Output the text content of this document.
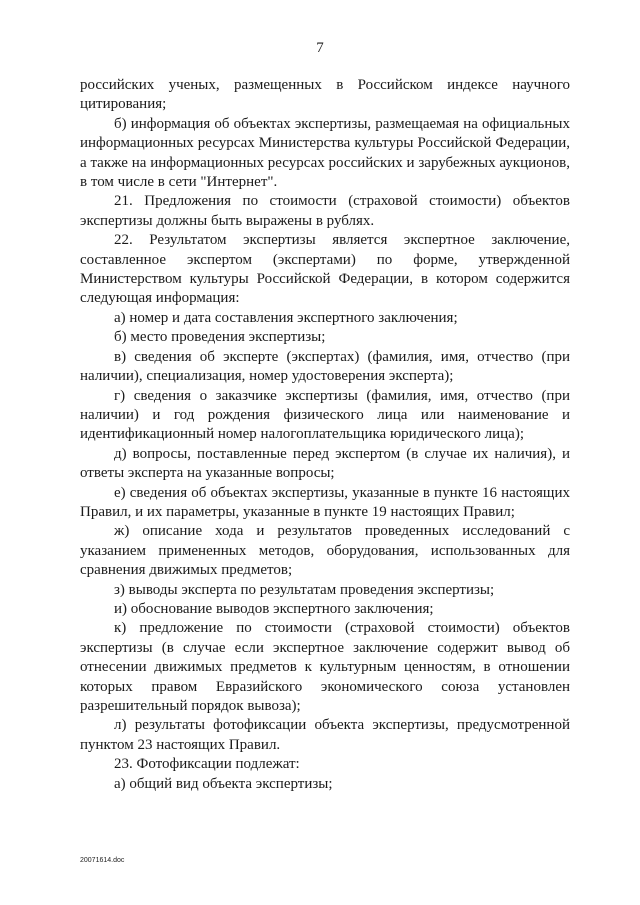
7

российских ученых, размещенных в Российском индексе научного цитирования;

б) информация об объектах экспертизы, размещаемая на официальных информационных ресурсах Министерства культуры Российской Федерации, а также на информационных ресурсах российских и зарубежных аукционов, в том числе в сети "Интернет".

21. Предложения по стоимости (страховой стоимости) объектов экспертизы должны быть выражены в рублях.

22. Результатом экспертизы является экспертное заключение, составленное экспертом (экспертами) по форме, утвержденной Министерством культуры Российской Федерации, в котором содержится следующая информация:

а) номер и дата составления экспертного заключения;

б) место проведения экспертизы;

в) сведения об эксперте (экспертах) (фамилия, имя, отчество (при наличии), специализация, номер удостоверения эксперта);

г) сведения о заказчике экспертизы (фамилия, имя, отчество (при наличии) и год рождения физического лица или наименование и идентификационный номер налогоплательщика юридического лица);

д) вопросы, поставленные перед экспертом (в случае их наличия), и ответы эксперта на указанные вопросы;

е) сведения об объектах экспертизы, указанные в пункте 16 настоящих Правил, и их параметры, указанные в пункте 19 настоящих Правил;

ж) описание хода и результатов проведенных исследований с указанием примененных методов, оборудования, использованных для сравнения движимых предметов;

з) выводы эксперта по результатам проведения экспертизы;

и) обоснование выводов экспертного заключения;

к) предложение по стоимости (страховой стоимости) объектов экспертизы (в случае если экспертное заключение содержит вывод об отнесении движимых предметов к культурным ценностям, в отношении которых правом Евразийского экономического союза установлен разрешительный порядок вывоза);

л) результаты фотофиксации объекта экспертизы, предусмотренной пунктом 23 настоящих Правил.

23. Фотофиксации подлежат:

а) общий вид объекта экспертизы;

20071614.doc
